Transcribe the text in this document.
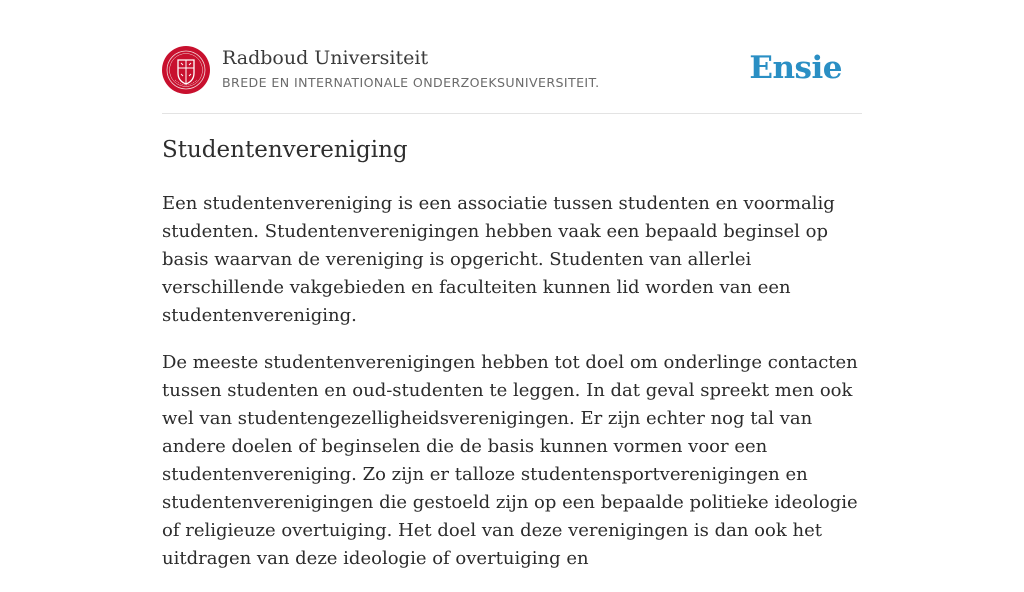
Radboud Universiteit
BREDE EN INTERNATIONALE ONDERZOEKSUNIVERSITEIT.	Ensie
Studentenvereniging

Een studentenvereniging is een associatie tussen studenten en voormalig studenten. Studentenverenigingen hebben vaak een bepaald beginsel op basis waarvan de vereniging is opgericht. Studenten van allerlei verschillende vakgebieden en faculteiten kunnen lid worden van een studentenvereniging.

De meeste studentenverenigingen hebben tot doel om onderlinge contacten tussen studenten en oud-studenten te leggen. In dat geval spreekt men ook wel van studentengezelligheidsverenigingen. Er zijn echter nog tal van andere doelen of beginselen die de basis kunnen vormen voor een studentenvereniging. Zo zijn er talloze studentensportverenigingen en studentenverenigingen die gestoeld zijn op een bepaalde politieke ideologie of religieuze overtuiging. Het doel van deze verenigingen is dan ook het uitdragen van deze ideologie of overtuiging en
